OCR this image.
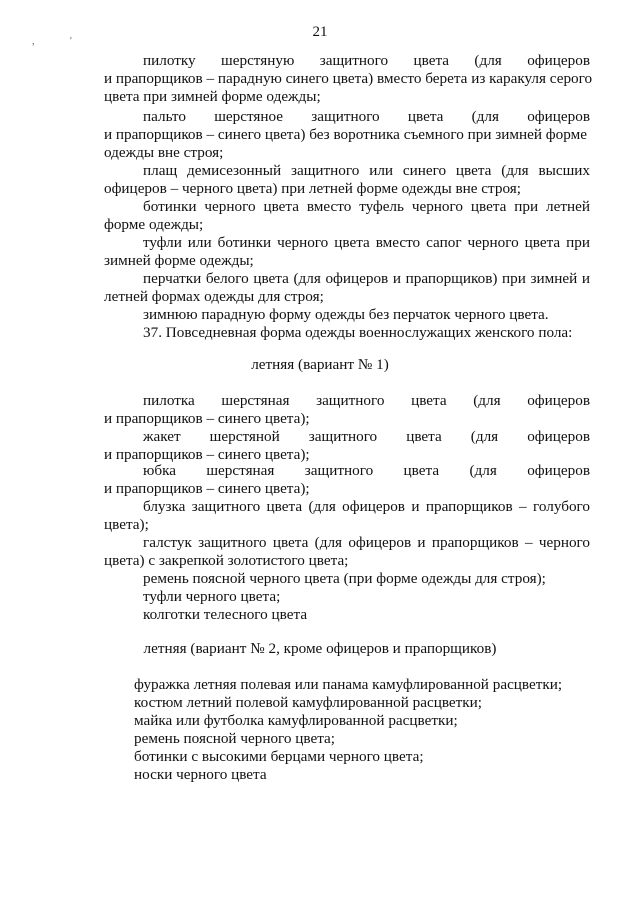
21
,	'

пилотку шерстяную защитного цвета (для офицеров

и прапорщиков – парадную синего цвета) вместо берета из каракуля серого

цвета при зимней форме одежды;

пальто шерстяное защитного цвета (для офицеров

и прапорщиков – синего цвета) без воротника съемного при зимней форме

одежды вне строя;

плащ демисезонный защитного или синего цвета (для высших

офицеров – черного цвета) при летней форме одежды вне строя;

ботинки черного цвета вместо туфель черного цвета при летней

форме одежды;

туфли или ботинки черного цвета вместо сапог черного цвета при

зимней форме одежды;

перчатки белого цвета (для офицеров и прапорщиков) при зимней и

летней формах одежды для строя;

зимнюю парадную форму одежды без перчаток черного цвета.

37. Повседневная форма одежды военнослужащих женского пола:

летняя (вариант № 1)

пилотка шерстяная защитного цвета (для офицеров

и прапорщиков – синего цвета);

жакет шерстяной защитного цвета (для офицеров

и прапорщиков – синего цвета);

юбка шерстяная защитного цвета (для офицеров

и прапорщиков – синего цвета);

блузка защитного цвета (для офицеров и прапорщиков – голубого

цвета);

галстук защитного цвета (для офицеров и прапорщиков – черного

цвета) с закрепкой золотистого цвета;

ремень поясной черного цвета (при форме одежды для строя);

туфли черного цвета;

колготки телесного цвета

летняя (вариант № 2, кроме офицеров и прапорщиков)

фуражка летняя полевая или панама камуфлированной расцветки;

костюм летний полевой камуфлированной расцветки;

майка или футболка камуфлированной расцветки;

ремень поясной черного цвета;

ботинки с высокими берцами черного цвета;

носки черного цвета
